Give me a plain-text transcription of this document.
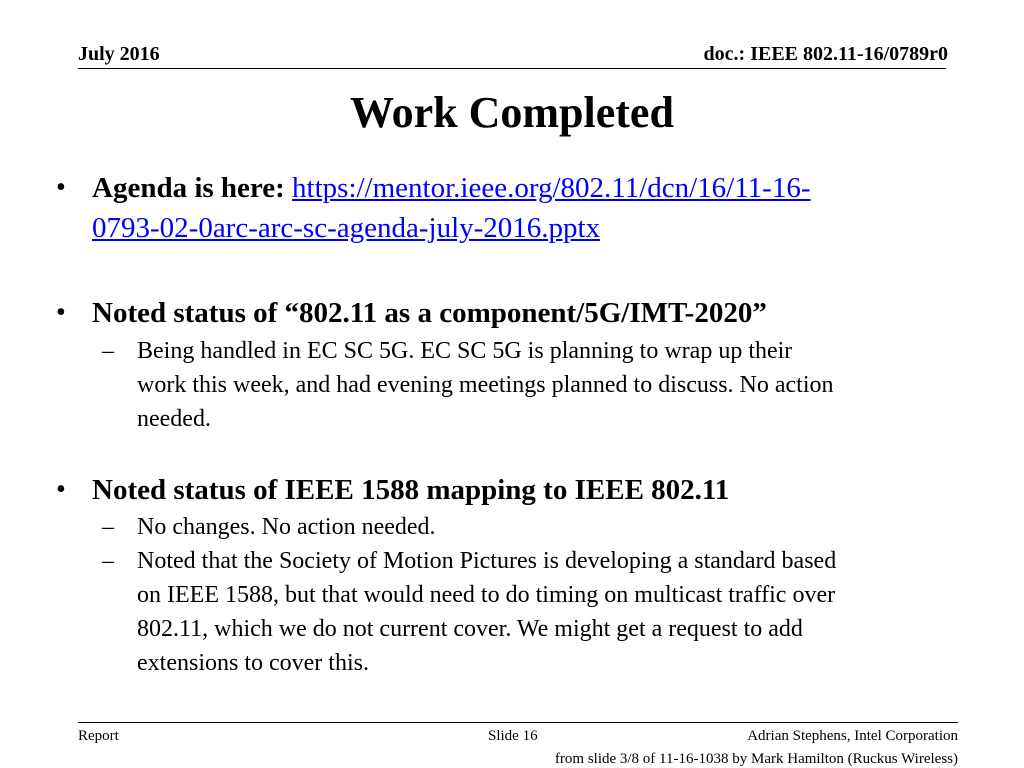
July 2016	doc.: IEEE 802.11-16/0789r0
Work Completed
• Agenda is here: https://mentor.ieee.org/802.11/dcn/16/11-16-
0793-02-0arc-arc-sc-agenda-july-2016.pptx
• Noted status of “802.11 as a component/5G/IMT-2020”
– Being handled in EC SC 5G. EC SC 5G is planning to wrap up their
work this week, and had evening meetings planned to discuss. No action
needed.
• Noted status of IEEE 1588 mapping to IEEE 802.11
– No changes. No action needed.
– Noted that the Society of Motion Pictures is developing a standard based
on IEEE 1588, but that would need to do timing on multicast traffic over
802.11, which we do not current cover. We might get a request to add
extensions to cover this.
Report	Slide 16	Adrian Stephens, Intel Corporation
from slide 3/8 of 11-16-1038 by Mark Hamilton (Ruckus Wireless)
